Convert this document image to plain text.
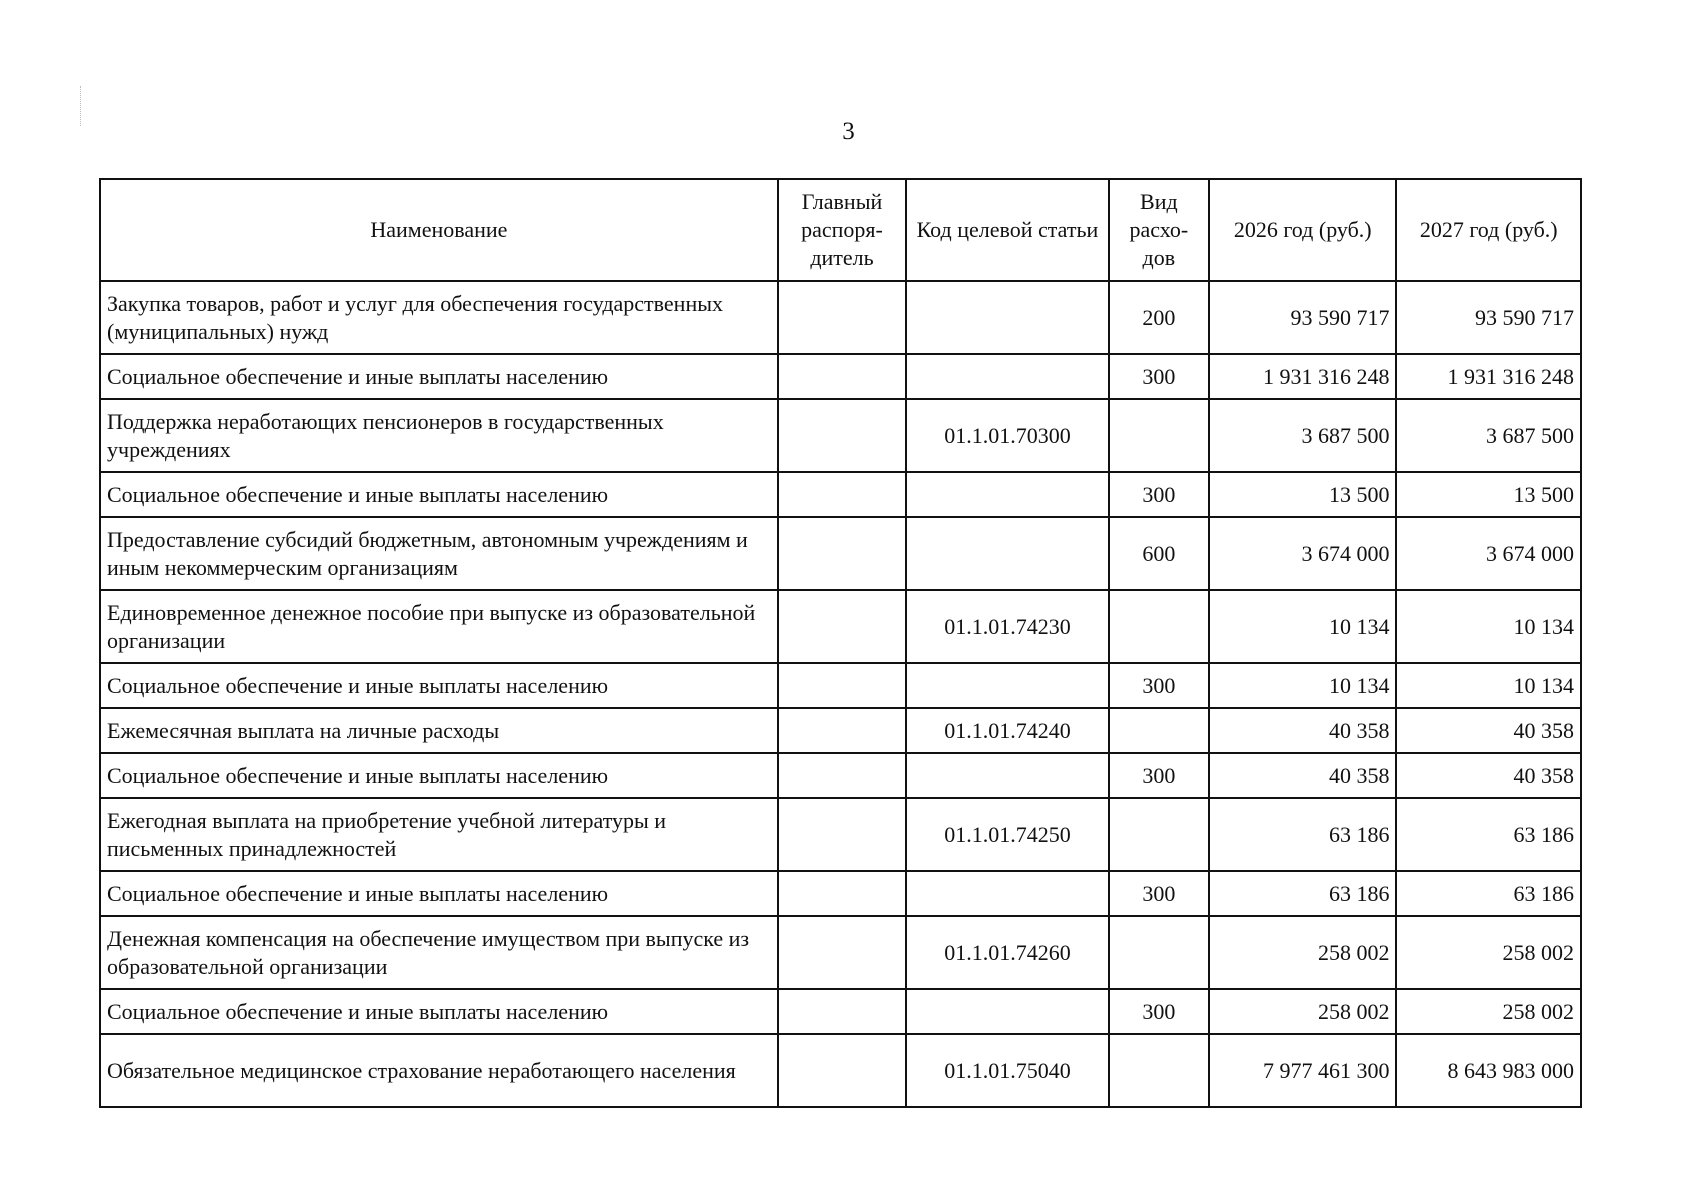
3
Наименование	Главный распоря-дитель	Код целевой статьи	Вид расхо-дов	2026 год (руб.)	2027 год (руб.)
Закупка товаров, работ и услуг для обеспечения государственных (муниципальных) нужд			200	93 590 717	93 590 717
Социальное обеспечение и иные выплаты населению			300	1 931 316 248	1 931 316 248
Поддержка неработающих пенсионеров в государственных учреждениях		01.1.01.70300		3 687 500	3 687 500
Социальное обеспечение и иные выплаты населению			300	13 500	13 500
Предоставление субсидий бюджетным, автономным учреждениям и иным некоммерческим организациям			600	3 674 000	3 674 000
Единовременное денежное пособие при выпуске из образовательной организации		01.1.01.74230		10 134	10 134
Социальное обеспечение и иные выплаты населению			300	10 134	10 134
Ежемесячная выплата на личные расходы		01.1.01.74240		40 358	40 358
Социальное обеспечение и иные выплаты населению			300	40 358	40 358
Ежегодная выплата на приобретение учебной литературы и письменных принадлежностей		01.1.01.74250		63 186	63 186
Социальное обеспечение и иные выплаты населению			300	63 186	63 186
Денежная компенсация на обеспечение имуществом при выпуске из образовательной организации		01.1.01.74260		258 002	258 002
Социальное обеспечение и иные выплаты населению			300	258 002	258 002
Обязательное медицинское страхование неработающего населения		01.1.01.75040		7 977 461 300	8 643 983 000
